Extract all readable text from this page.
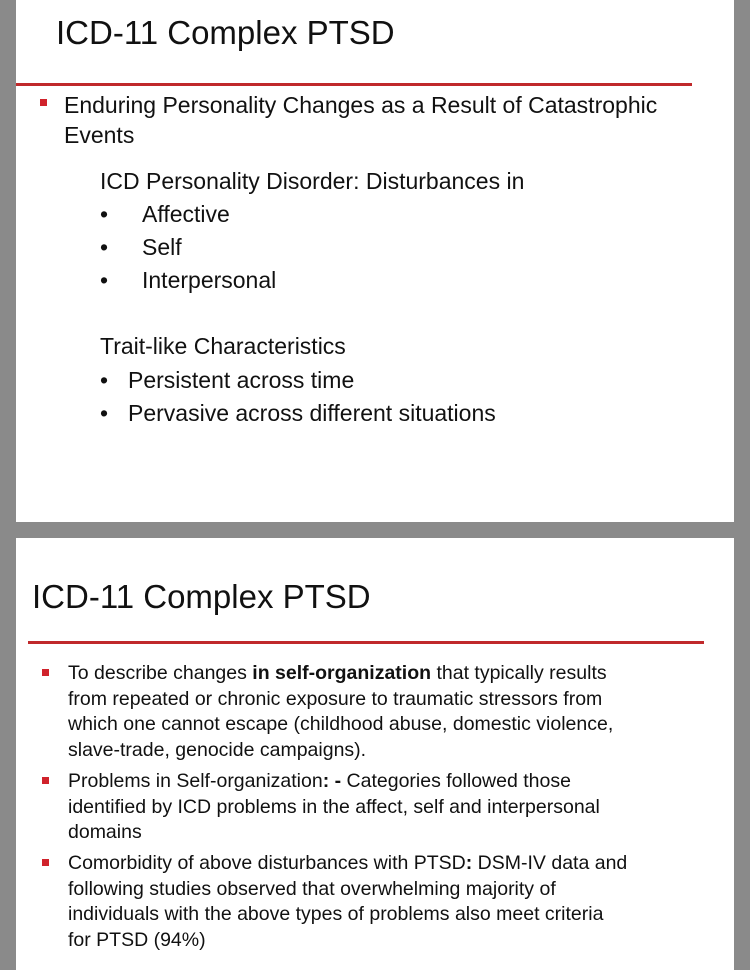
ICD-11 Complex PTSD
Enduring Personality Changes as a Result of Catastrophic
Events
ICD Personality Disorder: Disturbances in
• Affective
• Self
• Interpersonal
Trait-like Characteristics
• Persistent across time
• Pervasive across different situations
ICD-11 Complex PTSD
To describe changes in self-organization that typically results
from repeated or chronic exposure to traumatic stressors from
which one cannot escape (childhood abuse, domestic violence,
slave-trade, genocide campaigns).
Problems in Self-organization: - Categories followed those
identified by ICD problems in the affect, self and interpersonal
domains
Comorbidity of above disturbances with PTSD: DSM-IV data and
following studies observed that overwhelming majority of
individuals with the above types of problems also meet criteria
for PTSD (94%)
